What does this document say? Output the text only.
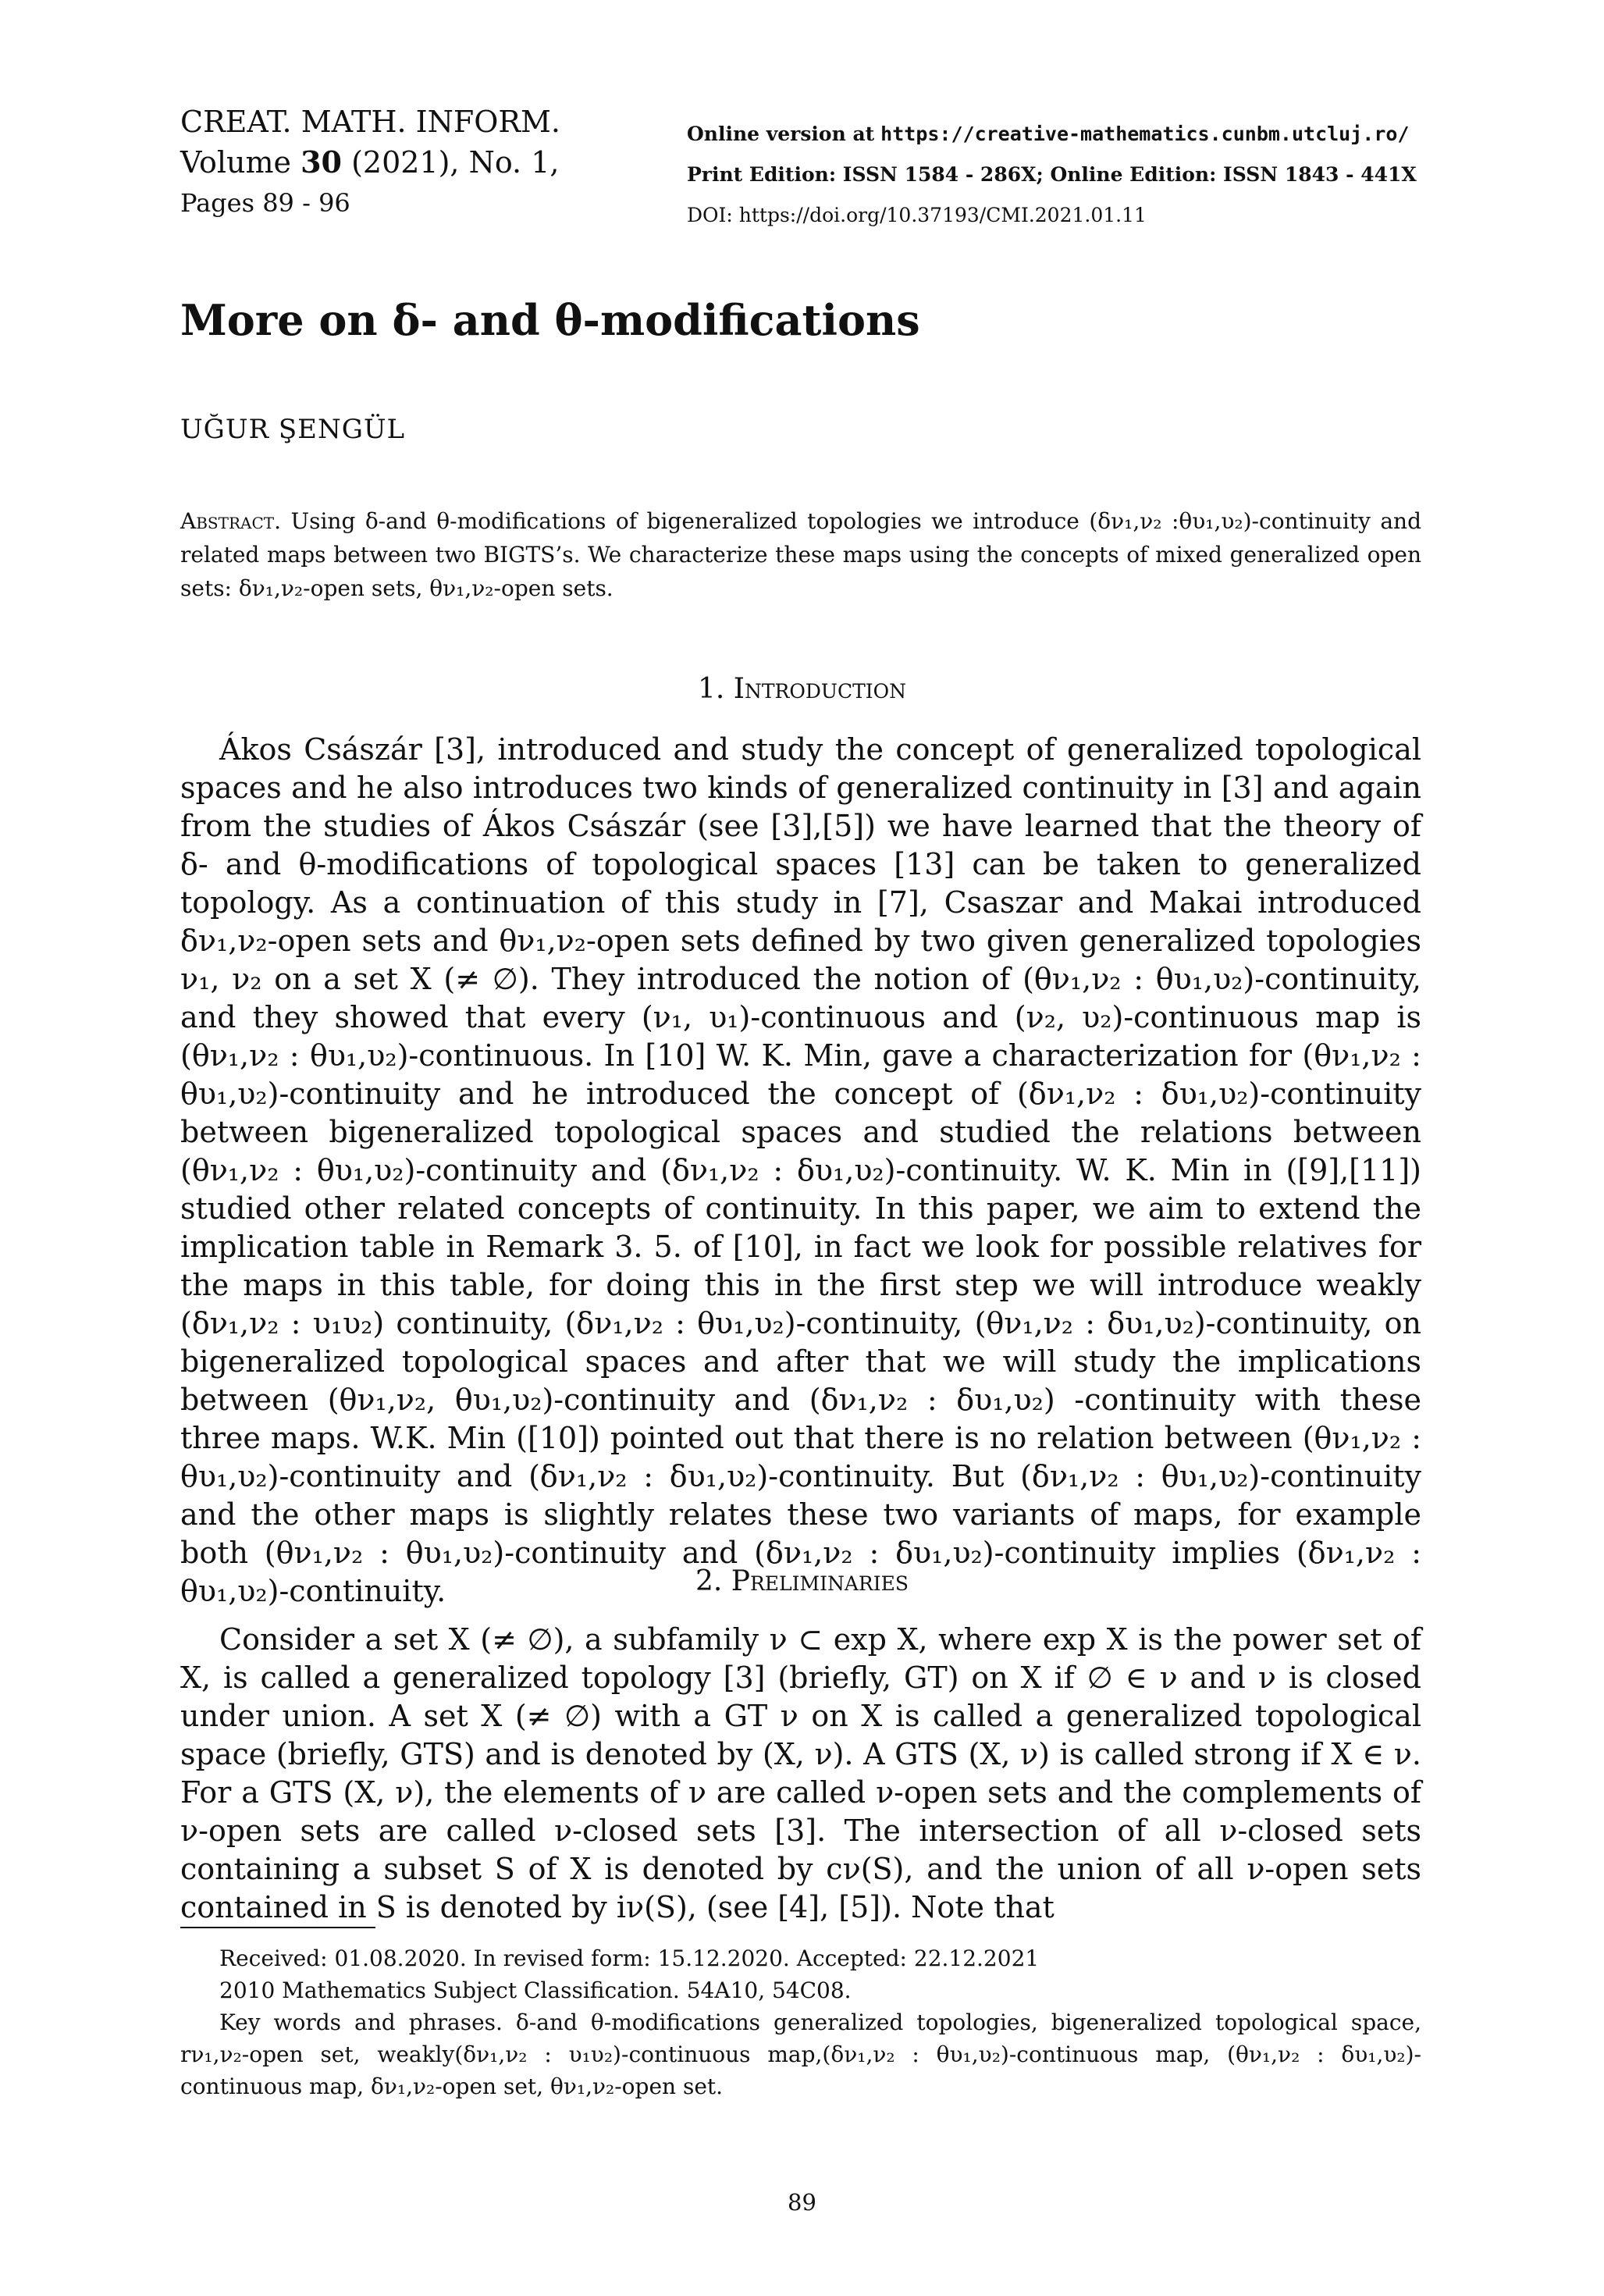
CREAT. MATH. INFORM.
Volume 30 (2021), No. 1,
Pages 89 - 96
Online version at https://creative-mathematics.cunbm.utcluj.ro/
Print Edition: ISSN 1584 - 286X; Online Edition: ISSN 1843 - 441X
DOI: https://doi.org/10.37193/CMI.2021.01.11
More on δ- and θ-modifications
UĞUR ŞENGÜL
Abstract. Using δ-and θ-modifications of bigeneralized topologies we introduce (δν₁,ν₂ :θυ₁,υ₂)-continuity and related maps between two BIGTS’s. We characterize these maps using the concepts of mixed generalized open sets: δν₁,ν₂-open sets, θν₁,ν₂-open sets.
1. Introduction

Ákos Császár [3], introduced and study the concept of generalized topological spaces and he also introduces two kinds of generalized continuity in [3] and again from the studies of Ákos Császár (see [3],[5]) we have learned that the theory of δ- and θ-modifications of topological spaces [13] can be taken to generalized topology. As a continuation of this study in [7], Csaszar and Makai introduced δν₁,ν₂-open sets and θν₁,ν₂-open sets defined by two given generalized topologies ν₁, ν₂ on a set X (≠ ∅). They introduced the notion of (θν₁,ν₂ : θυ₁,υ₂)-continuity, and they showed that every (ν₁, υ₁)-continuous and (ν₂, υ₂)-continuous map is (θν₁,ν₂ : θυ₁,υ₂)-continuous. In [10] W. K. Min, gave a characterization for (θν₁,ν₂ : θυ₁,υ₂)-continuity and he introduced the concept of (δν₁,ν₂ : δυ₁,υ₂)-continuity between bigeneralized topological spaces and studied the relations between (θν₁,ν₂ : θυ₁,υ₂)-continuity and (δν₁,ν₂ : δυ₁,υ₂)-continuity. W. K. Min in ([9],[11]) studied other related concepts of continuity. In this paper, we aim to extend the implication table in Remark 3. 5. of [10], in fact we look for possible relatives for the maps in this table, for doing this in the first step we will introduce weakly (δν₁,ν₂ : υ₁υ₂) continuity, (δν₁,ν₂ : θυ₁,υ₂)-continuity, (θν₁,ν₂ : δυ₁,υ₂)-continuity, on bigeneralized topological spaces and after that we will study the implications between (θν₁,ν₂, θυ₁,υ₂)-continuity and (δν₁,ν₂ : δυ₁,υ₂) -continuity with these three maps. W.K. Min ([10]) pointed out that there is no relation between (θν₁,ν₂ : θυ₁,υ₂)-continuity and (δν₁,ν₂ : δυ₁,υ₂)-continuity. But (δν₁,ν₂ : θυ₁,υ₂)-continuity and the other maps is slightly relates these two variants of maps, for example both (θν₁,ν₂ : θυ₁,υ₂)-continuity and (δν₁,ν₂ : δυ₁,υ₂)-continuity implies (δν₁,ν₂ : θυ₁,υ₂)-continuity.	2. Preliminaries

Consider a set X (≠ ∅), a subfamily ν ⊂ exp X, where exp X is the power set of X, is called a generalized topology [3] (briefly, GT) on X if ∅ ∈ ν and ν is closed under union. A set X (≠ ∅) with a GT ν on X is called a generalized topological space (briefly, GTS) and is denoted by (X, ν). A GTS (X, ν) is called strong if X ∈ ν. For a GTS (X, ν), the elements of ν are called ν-open sets and the complements of ν-open sets are called ν-closed sets [3]. The intersection of all ν-closed sets containing a subset S of X is denoted by cν(S), and the union of all ν-open sets contained in S is denoted by iν(S), (see [4], [5]). Note that

Received: 01.08.2020. In revised form: 15.12.2020. Accepted: 22.12.2021

2010 Mathematics Subject Classification. 54A10, 54C08.

Key words and phrases. δ-and θ-modifications generalized topologies, bigeneralized topological space, rν₁,ν₂-open set, weakly(δν₁,ν₂ : υ₁υ₂)-continuous map,(δν₁,ν₂ : θυ₁,υ₂)-continuous map, (θν₁,ν₂ : δυ₁,υ₂)-continuous map, δν₁,ν₂-open set, θν₁,ν₂-open set.

89
